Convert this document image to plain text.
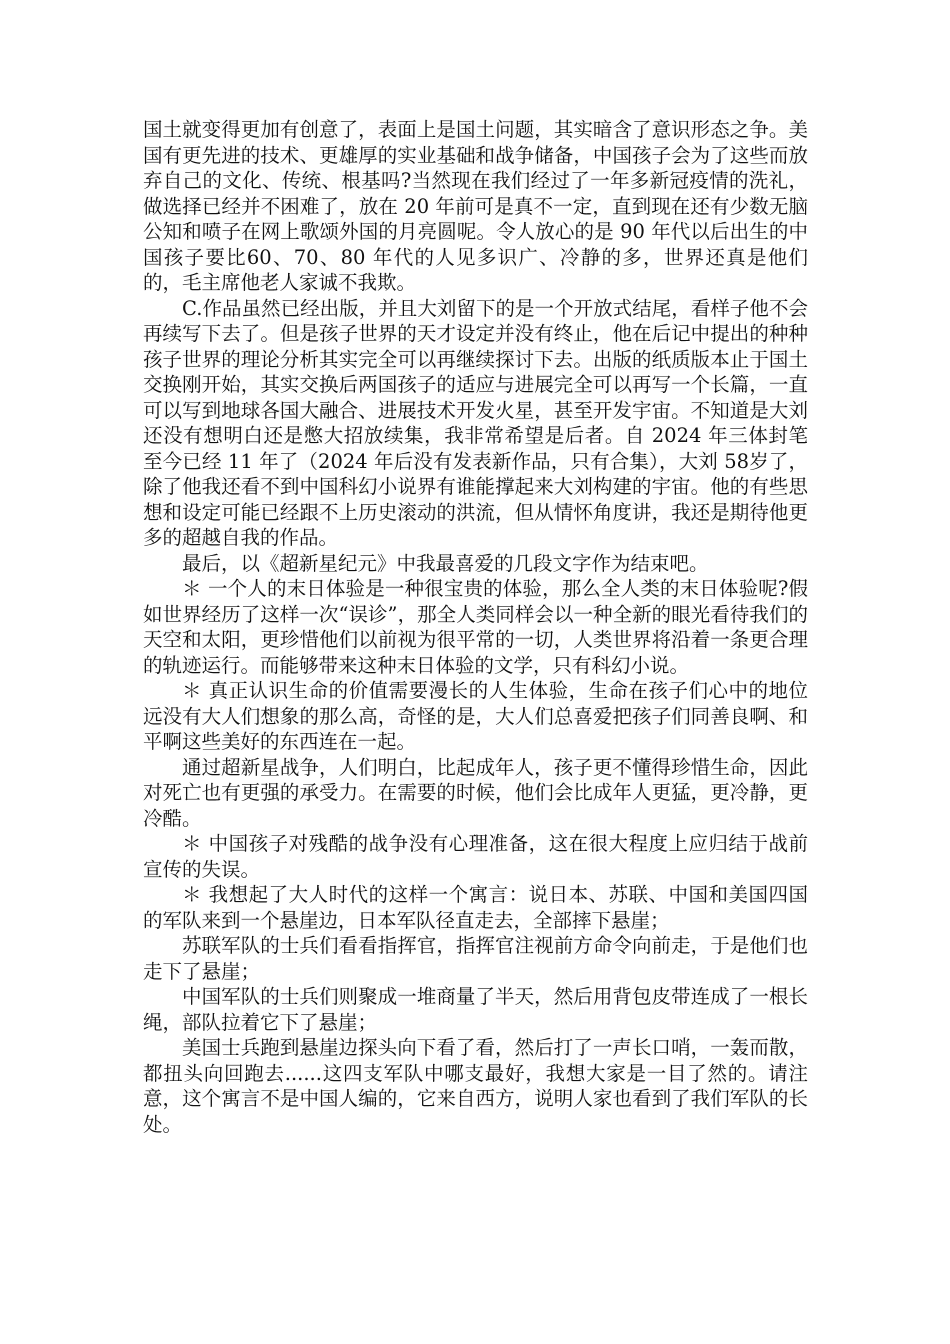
国土就变得更加有创意了，表面上是国土问题，其实暗含了意识形态之争。美国有更先进的技术、更雄厚的实业基础和战争储备，中国孩子会为了这些而放弃自己的文化、传统、根基吗?当然现在我们经过了一年多新冠疫情的洗礼，做选择已经并不困难了，放在 20 年前可是真不一定，直到现在还有少数无脑公知和喷子在网上歌颂外国的月亮圆呢。令人放心的是 90 年代以后出生的中国孩子要比60、70、80 年代的人见多识广、冷静的多，世界还真是他们的，毛主席他老人家诚不我欺。

C.作品虽然已经出版，并且大刘留下的是一个开放式结尾，看样子他不会再续写下去了。但是孩子世界的天才设定并没有终止，他在后记中提出的种种孩子世界的理论分析其实完全可以再继续探讨下去。出版的纸质版本止于国土交换刚开始，其实交换后两国孩子的适应与进展完全可以再写一个长篇，一直可以写到地球各国大融合、进展技术开发火星，甚至开发宇宙。不知道是大刘还没有想明白还是憋大招放续集，我非常希望是后者。自 2024 年三体封笔至今已经 11 年了（2024 年后没有发表新作品，只有合集），大刘 58岁了，除了他我还看不到中国科幻小说界有谁能撑起来大刘构建的宇宙。他的有些思想和设定可能已经跟不上历史滚动的洪流，但从情怀角度讲，我还是期待他更多的超越自我的作品。

最后，以《超新星纪元》中我最喜爱的几段文字作为结束吧。

＊ 一个人的末日体验是一种很宝贵的体验，那么全人类的末日体验呢?假如世界经历了这样一次“误诊”，那全人类同样会以一种全新的眼光看待我们的天空和太阳，更珍惜他们以前视为很平常的一切，人类世界将沿着一条更合理的轨迹运行。而能够带来这种末日体验的文学，只有科幻小说。

＊ 真正认识生命的价值需要漫长的人生体验，生命在孩子们心中的地位远没有大人们想象的那么高，奇怪的是，大人们总喜爱把孩子们同善良啊、和平啊这些美好的东西连在一起。

通过超新星战争，人们明白，比起成年人，孩子更不懂得珍惜生命，因此对死亡也有更强的承受力。在需要的时候，他们会比成年人更猛，更冷静，更冷酷。

＊ 中国孩子对残酷的战争没有心理准备，这在很大程度上应归结于战前宣传的失误。

＊ 我想起了大人时代的这样一个寓言：说日本、苏联、中国和美国四国的军队来到一个悬崖边，日本军队径直走去，全部摔下悬崖；

苏联军队的士兵们看看指挥官，指挥官注视前方命令向前走，于是他们也走下了悬崖；

中国军队的士兵们则聚成一堆商量了半天，然后用背包皮带连成了一根长绳，部队拉着它下了悬崖；

美国士兵跑到悬崖边探头向下看了看，然后打了一声长口哨，一轰而散，都扭头向回跑去......这四支军队中哪支最好，我想大家是一目了然的。请注意，这个寓言不是中国人编的，它来自西方，说明人家也看到了我们军队的长处。
